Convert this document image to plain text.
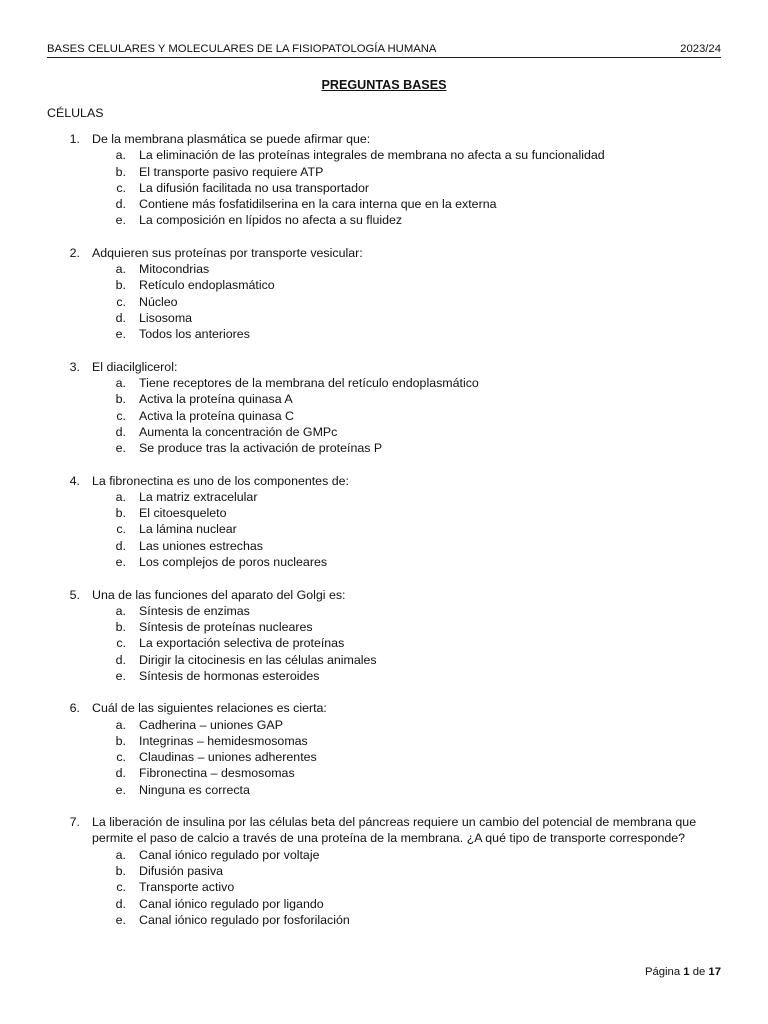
BASES CELULARES Y MOLECULARES DE LA FISIOPATOLOGÍA HUMANA	2023/24
PREGUNTAS BASES
CÉLULAS
1. De la membrana plasmática se puede afirmar que:
a.	La eliminación de las proteínas integrales de membrana no afecta a su funcionalidad
b.	El transporte pasivo requiere ATP
c.	La difusión facilitada no usa transportador
d.	Contiene más fosfatidilserina en la cara interna que en la externa
e.	La composición en lípidos no afecta a su fluidez
2. Adquieren sus proteínas por transporte vesicular:
a.	Mitocondrias
b.	Retículo endoplasmático
c.	Núcleo
d.	Lisosoma
e.	Todos los anteriores
3. El diacilglicerol:
a.	Tiene receptores de la membrana del retículo endoplasmático
b.	Activa la proteína quinasa A
c.	Activa la proteína quinasa C
d.	Aumenta la concentración de GMPc
e.	Se produce tras la activación de proteínas P
4. La fibronectina es uno de los componentes de:
a.	La matriz extracelular
b.	El citoesqueleto
c.	La lámina nuclear
d.	Las uniones estrechas
e.	Los complejos de poros nucleares
5. Una de las funciones del aparato del Golgi es:
a.	Síntesis de enzimas
b.	Síntesis de proteínas nucleares
c.	La exportación selectiva de proteínas
d.	Dirigir la citocinesis en las células animales
e.	Síntesis de hormonas esteroides
6. Cuál de las siguientes relaciones es cierta:
a.	Cadherina – uniones GAP
b.	Integrinas – hemidesmosomas
c.	Claudinas – uniones adherentes
d.	Fibronectina – desmosomas
e.	Ninguna es correcta
7. La liberación de insulina por las células beta del páncreas requiere un cambio del potencial de membrana que permite el paso de calcio a través de una proteína de la membrana. ¿A qué tipo de transporte corresponde?
a.	Canal iónico regulado por voltaje
b.	Difusión pasiva
c.	Transporte activo
d.	Canal iónico regulado por ligando
e.	Canal iónico regulado por fosforilación
Página 1 de 17
